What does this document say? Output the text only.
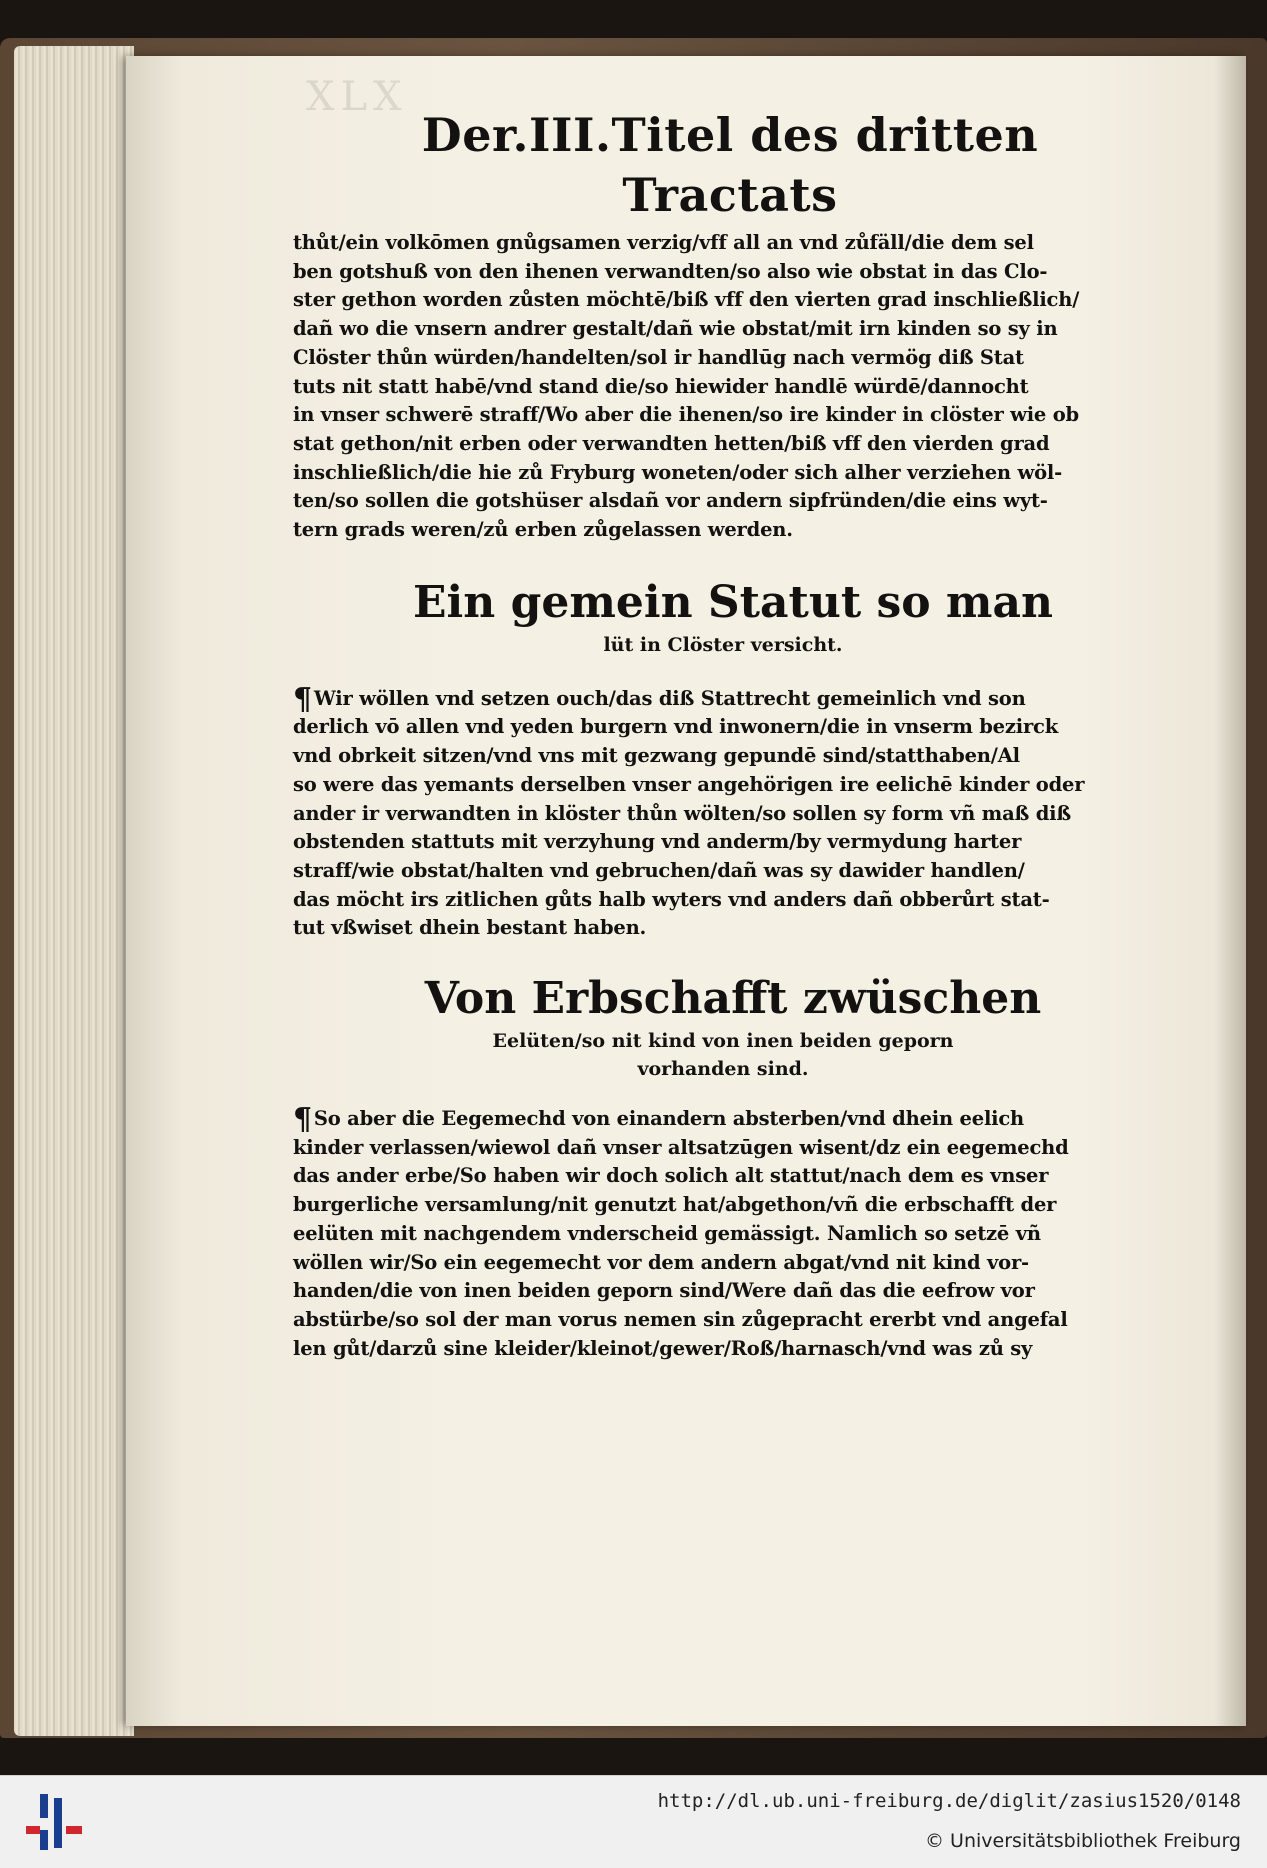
XLX
Der.III.Titel des dritten Tractats
thůt/ein volkōmen gnůgsamen verzig/vff all an vnd zůfäll/die dem sel
ben gotshuß von den ihenen verwandten/so also wie obstat in das Clo-
ster gethon worden zůsten möchtē/biß vff den vierten grad inschließlich/
dañ wo die vnsern andrer gestalt/dañ wie obstat/mit irn kinden so sy in
Clöster thůn würden/handelten/sol ir handlūg nach vermög diß Stat
tuts nit statt habē/vnd stand die/so hiewider handlē würdē/dannocht
in vnser schwerē straff/Wo aber die ihenen/so ire kinder in clöster wie ob
stat gethon/nit erben oder verwandten hetten/biß vff den vierden grad
inschließlich/die hie zů Fryburg woneten/oder sich alher verziehen wöl-
ten/so sollen die gotshüser alsdañ vor andern sipfründen/die eins wyt-
tern grads weren/zů erben zůgelassen werden.
Ein gemein Statut so man
lüt in Clöster versicht.
¶ Wir wöllen vnd setzen ouch/das diß Stattrecht gemeinlich vnd son
derlich vō allen vnd yeden burgern vnd inwonern/die in vnserm bezirck
vnd obrkeit sitzen/vnd vns mit gezwang gepundē sind/statthaben/Al
so were das yemants derselben vnser angehörigen ire eelichē kinder oder
ander ir verwandten in klöster thůn wölten/so sollen sy form vñ maß diß
obstenden stattuts mit verzyhung vnd anderm/by vermydung harter
straff/wie obstat/halten vnd gebruchen/dañ was sy dawider handlen/
das möcht irs zitlichen gůts halb wyters vnd anders dañ obberůrt stat-
tut vßwiset dhein bestant haben.
Von Erbschafft zwüschen
Eelüten/so nit kind von inen beiden geporn
vorhanden sind.
¶ So aber die Eegemechd von einandern absterben/vnd dhein eelich
kinder verlassen/wiewol dañ vnser altsatzūgen wisent/dz ein eegemechd
das ander erbe/So haben wir doch solich alt stattut/nach dem es vnser
burgerliche versamlung/nit genutzt hat/abgethon/vñ die erbschafft der
eelüten mit nachgendem vnderscheid gemässigt. Namlich so setzē vñ
wöllen wir/So ein eegemecht vor dem andern abgat/vnd nit kind vor-
handen/die von inen beiden geporn sind/Were dañ das die eefrow vor
abstürbe/so sol der man vorus nemen sin zůgepracht ererbt vnd angefal
len gůt/darzů sine kleider/kleinot/gewer/Roß/harnasch/vnd was zů sy
http://dl.ub.uni-freiburg.de/diglit/zasius1520/0148
© Universitätsbibliothek Freiburg
